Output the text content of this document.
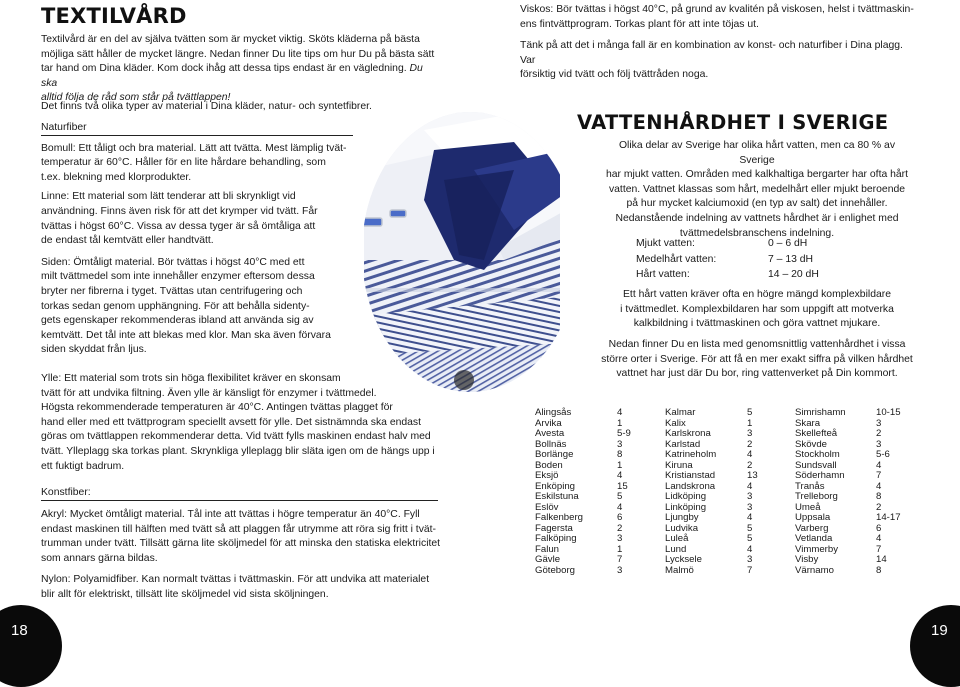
TEXTILVÅRD

Textilvård är en del av själva tvätten som är mycket viktig. Sköts kläderna på bästa

möjliga sätt håller de mycket längre. Nedan finner Du lite tips om hur Du på bästa sätt

tar hand om Dina kläder. Kom dock ihåg att dessa tips endast är en vägledning. Du ska

alltid följa de råd som står på tvättlappen!

Det finns två olika typer av material i Dina kläder, natur- och syntetfibrer.

Naturfiber

Bomull: Ett tåligt och bra material. Lätt att tvätta. Mest lämplig tvät-

temperatur är 60°C. Håller för en lite hårdare behandling, som

t.ex. blekning med klorprodukter.

Linne: Ett material som lätt tenderar att bli skrynkligt vid

användning. Finns även risk för att det krymper vid tvätt. Får

tvättas i högst 60°C. Vissa av dessa tyger är så ömtåliga att

de endast tål kemtvätt eller handtvätt.

Siden: Ömtåligt material. Bör tvättas i högst 40°C med ett

milt tvättmedel som inte innehåller enzymer eftersom dessa

bryter ner fibrerna i tyget. Tvättas utan centrifugering och

torkas sedan genom upphängning. För att behålla sidenty-

gets egenskaper rekommenderas ibland att använda sig av

kemtvätt. Det tål inte att blekas med klor. Man ska även förvara

siden skyddat från ljus.

Ylle: Ett material som trots sin höga flexibilitet kräver en skonsam

tvätt för att undvika filtning. Även ylle är känsligt för enzymer i tvättmedel.

Högsta rekommenderade temperaturen är 40°C. Antingen tvättas plagget för

hand eller med ett tvättprogram speciellt avsett för ylle. Det sistnämnda ska endast

göras om tvättlappen rekommenderar detta. Vid tvätt fylls maskinen endast halv med

tvätt. Ylleplagg ska torkas plant. Skrynkliga ylleplagg blir släta igen om de hängs upp i

ett fuktigt badrum.

Konstfiber:

Akryl: Mycket ömtåligt material. Tål inte att tvättas i högre temperatur än 40°C. Fyll

endast maskinen till hälften med tvätt så att plaggen får utrymme att röra sig fritt i tvät-

trumman under tvätt. Tillsätt gärna lite sköljmedel för att minska den statiska elektricitet

som annars gärna bildas.

Nylon: Polyamidfiber. Kan normalt tvättas i tvättmaskin. För att undvika att materialet

blir allt för elektriskt, tillsätt lite sköljmedel vid sista sköljningen.

18

Viskos: Bör tvättas i högst 40°C, på grund av kvalitén på viskosen, helst i tvättmaskin-

ens fintvättprogram. Torkas plant för att inte töjas ut.

Tänk på att det i många fall är en kombination av konst- och naturfiber i Dina plagg. Var

försiktig vid tvätt och följ tvättråden noga.

VATTENHÅRDHET I SVERIGE

Olika delar av Sverige har olika hårt vatten, men ca 80 % av Sverige

har mjukt vatten. Områden med kalkhaltiga bergarter har ofta hårt

vatten. Vattnet klassas som hårt, medelhårt eller mjukt beroende

på hur mycket kalciumoxid (en typ av salt) det innehåller.

Nedanstående indelning av vattnets hårdhet är i enlighet med

tvättmedelsbranschens indelning.

Mjukt vatten:	0 – 6 dH
Medelhårt vatten:	7 – 13 dH
Hårt vatten:	14 – 20 dH

Ett hårt vatten kräver ofta en högre mängd komplexbildare

i tvättmedlet. Komplexbildaren har som uppgift att motverka

kalkbildning i tvättmaskinen och göra vattnet mjukare.

Nedan finner Du en lista med genomsnittlig vattenhårdhet i vissa

större orter i Sverige. För att få en mer exakt siffra på vilken hårdhet

vattnet har just där Du bor, ring vattenverket på Din kommort.

Alingsås	4
Arvika	1
Avesta	5-9
Bollnäs	3
Borlänge	8
Boden	1
Eksjö	4
Enköping	15
Eskilstuna	5
Eslöv	4
Falkenberg	6
Fagersta	2
Falköping	3
Falun	1
Gävle	7
Göteborg	3
Kalmar	5
Kalix	1
Karlskrona	3
Karlstad	2
Katrineholm	4
Kiruna	2
Kristianstad	13
Landskrona	4
Lidköping	3
Linköping	3
Ljungby	4
Ludvika	5
Luleå	5
Lund	4
Lycksele	3
Malmö	7
Simrishamn	10-15
Skara	3
Skellefteå	2
Skövde	3
Stockholm	5-6
Sundsvall	4
Söderhamn	7
Tranås	4
Trelleborg	8
Umeå	2
Uppsala	14-17
Varberg	6
Vetlanda	4
Vimmerby	7
Visby	14
Värnamo	8
19
